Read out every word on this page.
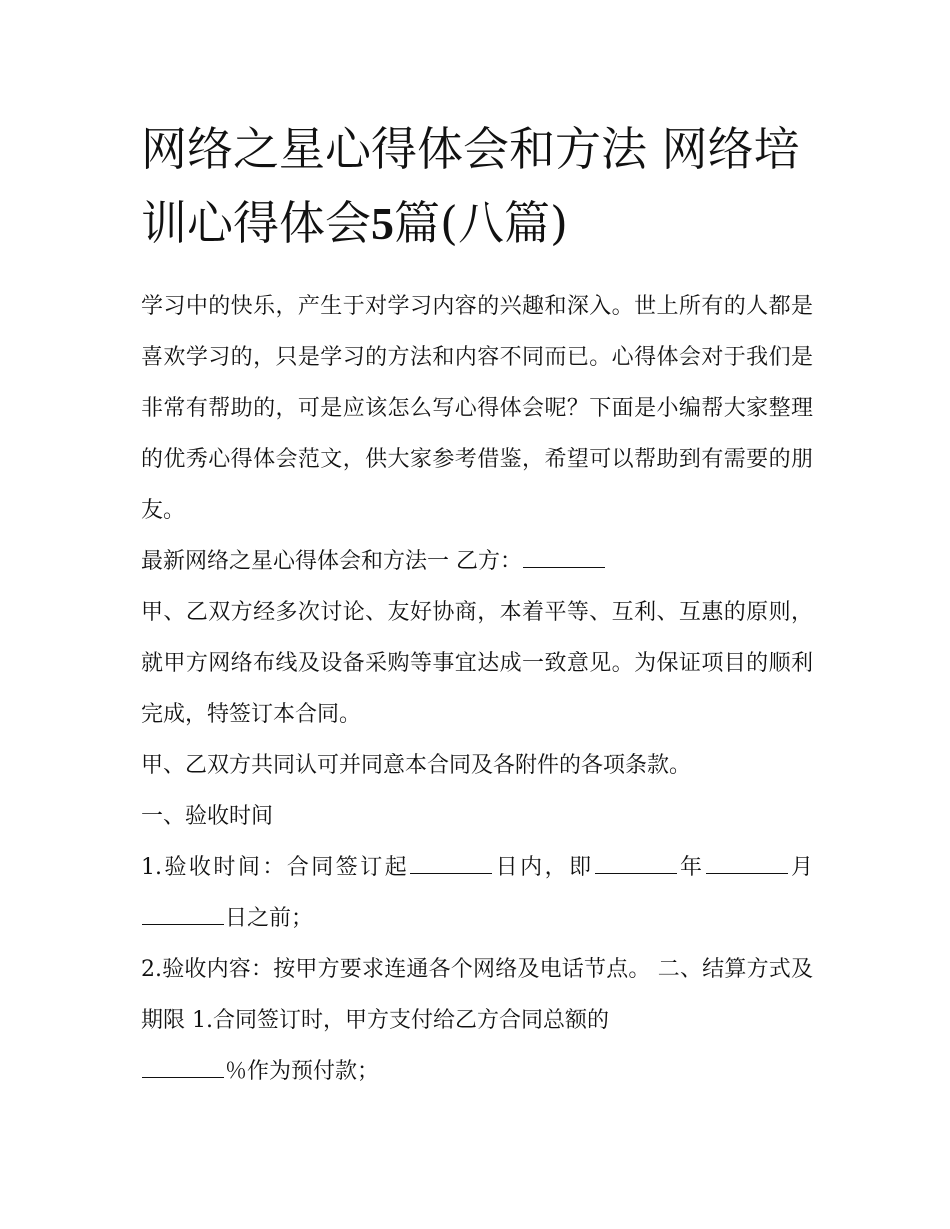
网络之星心得体会和方法 网络培训心得体会5篇(八篇)

学习中的快乐，产生于对学习内容的兴趣和深入。世上所有的人都是喜欢学习的，只是学习的方法和内容不同而已。心得体会对于我们是非常有帮助的，可是应该怎么写心得体会呢？下面是小编帮大家整理的优秀心得体会范文，供大家参考借鉴，希望可以帮助到有需要的朋友。

最新网络之星心得体会和方法一 乙方：

甲、乙双方经多次讨论、友好协商，本着平等、互利、互惠的原则，就甲方网络布线及设备采购等事宜达成一致意见。为保证项目的顺利完成，特签订本合同。

甲、乙双方共同认可并同意本合同及各附件的各项条款。

一、验收时间

1.验收时间：合同签订起	日内，即	年	月日之前；

2.验收内容：按甲方要求连通各个网络及电话节点。 二、结算方式及期限 1.合同签订时，甲方支付给乙方合同总额的

％作为预付款；
